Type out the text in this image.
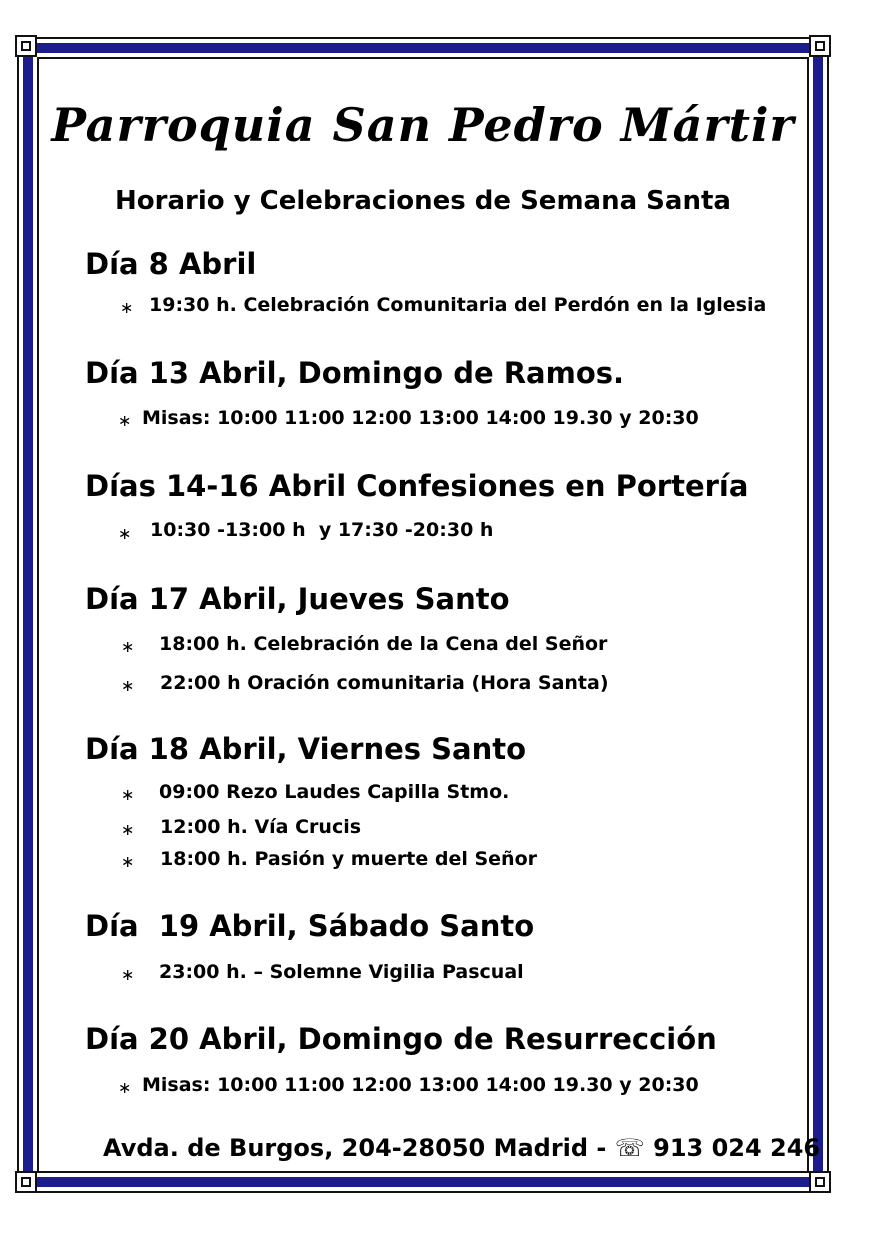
Parroquia San Pedro Mártir
Horario y Celebraciones de Semana Santa
Día 8 Abril
∗ 19:30 h. Celebración Comunitaria del Perdón en la Iglesia
Día 13 Abril, Domingo de Ramos.
∗ Misas: 10:00 11:00 12:00 13:00 14:00 19.30 y 20:30
Días 14-16 Abril Confesiones en Portería
∗ 10:30 -13:00 h  y 17:30 -20:30 h
Día 17 Abril, Jueves Santo
∗ 18:00 h. Celebración de la Cena del Señor
∗ 22:00 h Oración comunitaria (Hora Santa)
Día 18 Abril, Viernes Santo
∗ 09:00 Rezo Laudes Capilla Stmo.
∗ 12:00 h. Vía Crucis
∗ 18:00 h. Pasión y muerte del Señor
Día  19 Abril, Sábado Santo
∗ 23:00 h. – Solemne Vigilia Pascual
Día 20 Abril, Domingo de Resurrección
∗ Misas: 10:00 11:00 12:00 13:00 14:00 19.30 y 20:30
Avda. de Burgos, 204-28050 Madrid - ☏ 913 024 246
